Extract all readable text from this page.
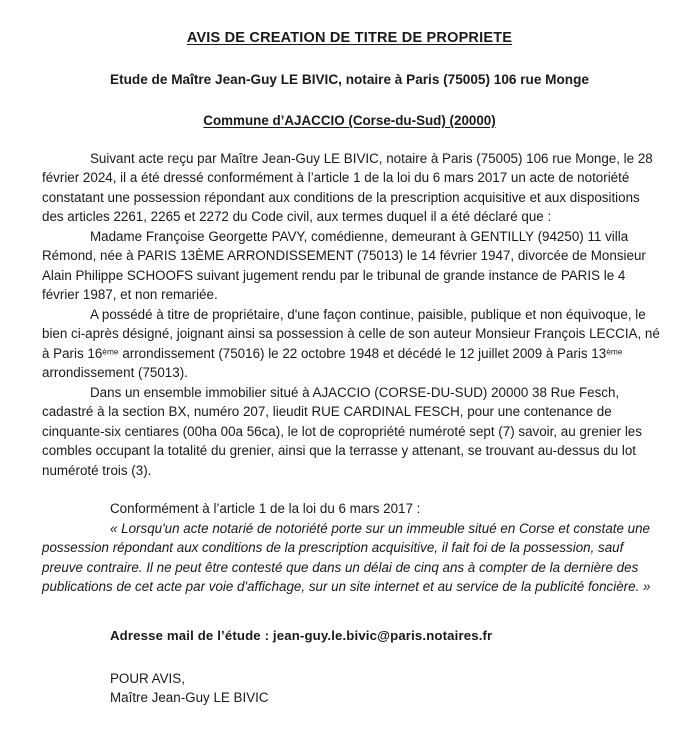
AVIS DE CREATION DE TITRE DE PROPRIETE
Etude de Maître Jean-Guy LE BIVIC, notaire à Paris (75005) 106 rue Monge
Commune d’AJACCIO (Corse-du-Sud) (20000)

Suivant acte reçu par Maître Jean-Guy LE BIVIC, notaire à Paris (75005) 106 rue Monge, le 28 février 2024, il a été dressé conformément à l’article 1 de la loi du 6 mars 2017 un acte de notoriété constatant une possession répondant aux conditions de la prescription acquisitive et aux dispositions des articles 2261, 2265 et 2272 du Code civil, aux termes duquel il a été déclaré que :

Madame Françoise Georgette PAVY, comédienne, demeurant à GENTILLY (94250) 11 villa Rémond, née à PARIS 13ÈME ARRONDISSEMENT (75013) le 14 février 1947, divorcée de Monsieur Alain Philippe SCHOOFS suivant jugement rendu par le tribunal de grande instance de PARIS le 4 février 1987, et non remariée.

A possédé à titre de propriétaire, d'une façon continue, paisible, publique et non équivoque, le bien ci-après désigné, joignant ainsi sa possession à celle de son auteur Monsieur François LECCIA, né à Paris 16ème arrondissement (75016) le 22 octobre 1948 et décédé le 12 juillet 2009 à Paris 13ème arrondissement (75013).

Dans un ensemble immobilier situé à AJACCIO (CORSE-DU-SUD) 20000 38 Rue Fesch, cadastré à la section BX, numéro 207, lieudit RUE CARDINAL FESCH, pour une contenance de cinquante-six centiares (00ha 00a 56ca), le lot de copropriété numéroté sept (7) savoir, au grenier les combles occupant la totalité du grenier, ainsi que la terrasse y attenant, se trouvant au-dessus du lot numéroté trois (3).

Conformément à l’article 1 de la loi du 6 mars 2017 :

« Lorsqu'un acte notarié de notoriété porte sur un immeuble situé en Corse et constate une possession répondant aux conditions de la prescription acquisitive, il fait foi de la possession, sauf preuve contraire. Il ne peut être contesté que dans un délai de cinq ans à compter de la dernière des publications de cet acte par voie d'affichage, sur un site internet et au service de la publicité foncière. »

Adresse mail de l’étude : jean-guy.le.bivic@paris.notaires.fr

POUR AVIS,
Maître Jean-Guy LE BIVIC
